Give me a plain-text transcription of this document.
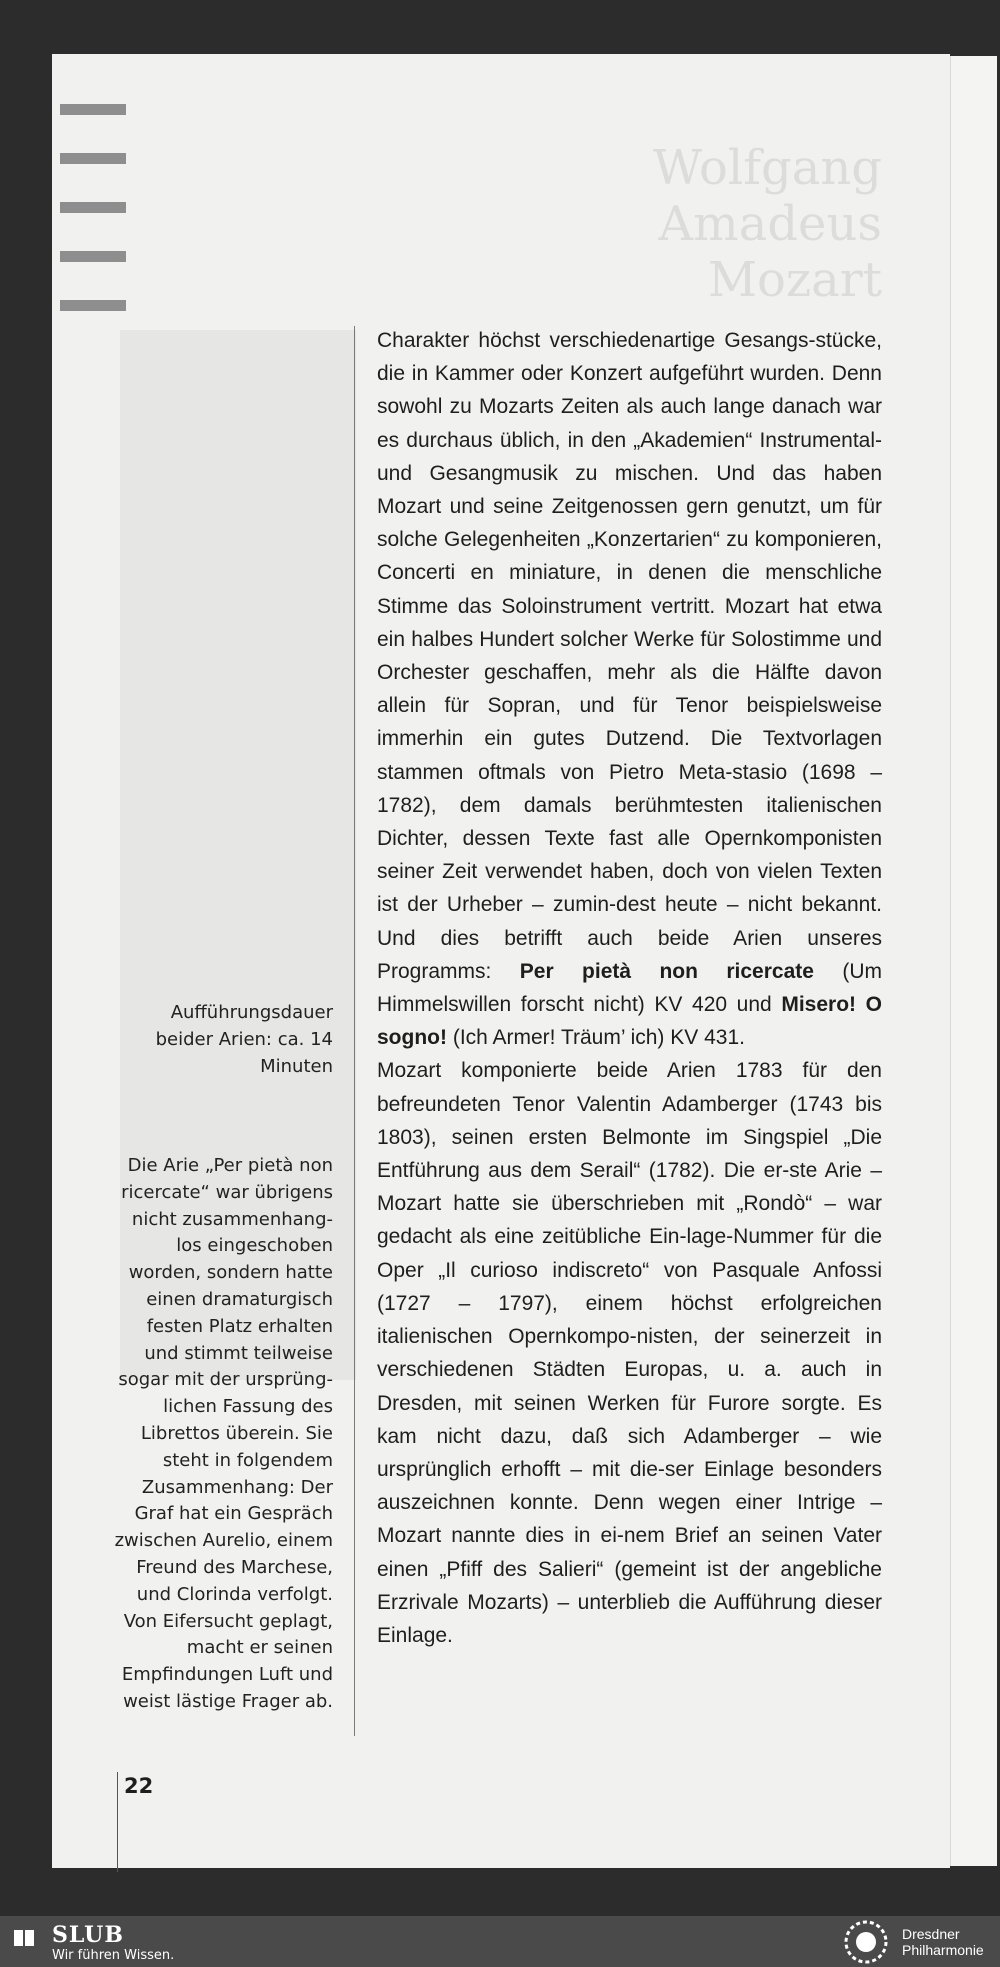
Wolfgang Amadeus
Mozart
Aufführungsdauer beider Arien: ca. 14 Minuten
Die Arie „Per pietà non ricercate“ war übrigens nicht zusammenhang-los eingeschoben worden, sondern hatte einen dramaturgisch festen Platz erhalten und stimmt teilweise sogar mit der ursprüng-lichen Fassung des Librettos überein. Sie steht in folgendem Zusammenhang: Der Graf hat ein Gespräch zwischen Aurelio, einem Freund des Marchese, und Clorinda verfolgt. Von Eifersucht geplagt, macht er seinen Empfindungen Luft und weist lästige Frager ab.

Charakter höchst verschiedenartige Gesangs-stücke, die in Kammer oder Konzert aufgeführt wurden. Denn sowohl zu Mozarts Zeiten als auch lange danach war es durchaus üblich, in den „Akademien“ Instrumental- und Gesangmusik zu mischen. Und das haben Mozart und seine Zeitgenossen gern genutzt, um für solche Gelegenheiten „Konzertarien“ zu komponieren, Concerti en miniature, in denen die menschliche Stimme das Soloinstrument vertritt. Mozart hat etwa ein halbes Hundert solcher Werke für Solostimme und Orchester geschaffen, mehr als die Hälfte davon allein für Sopran, und für Tenor beispielsweise immerhin ein gutes Dutzend. Die Textvorlagen stammen oftmals von Pietro Meta-stasio (1698 – 1782), dem damals berühmtesten italienischen Dichter, dessen Texte fast alle Opernkomponisten seiner Zeit verwendet haben, doch von vielen Texten ist der Urheber – zumin-dest heute – nicht bekannt. Und dies betrifft auch beide Arien unseres Programms: Per pietà non ricercate (Um Himmelswillen forscht nicht) KV 420 und Misero! O sogno! (Ich Armer! Träum’ ich) KV 431.

Mozart komponierte beide Arien 1783 für den befreundeten Tenor Valentin Adamberger (1743 bis 1803), seinen ersten Belmonte im Singspiel „Die Entführung aus dem Serail“ (1782). Die er-ste Arie – Mozart hatte sie überschrieben mit „Rondò“ – war gedacht als eine zeitübliche Ein-lage-Nummer für die Oper „Il curioso indiscreto“ von Pasquale Anfossi (1727 – 1797), einem höchst erfolgreichen italienischen Opernkompo-nisten, der seinerzeit in verschiedenen Städten Europas, u. a. auch in Dresden, mit seinen Werken für Furore sorgte. Es kam nicht dazu, daß sich Adamberger – wie ursprünglich erhofft – mit die-ser Einlage besonders auszeichnen konnte. Denn wegen einer Intrige – Mozart nannte dies in ei-nem Brief an seinen Vater einen „Pfiff des Salieri“ (gemeint ist der angebliche Erzrivale Mozarts) – unterblieb die Aufführung dieser Einlage.

22
SLUB
Wir führen Wissen.
Dresdner
Philharmonie
